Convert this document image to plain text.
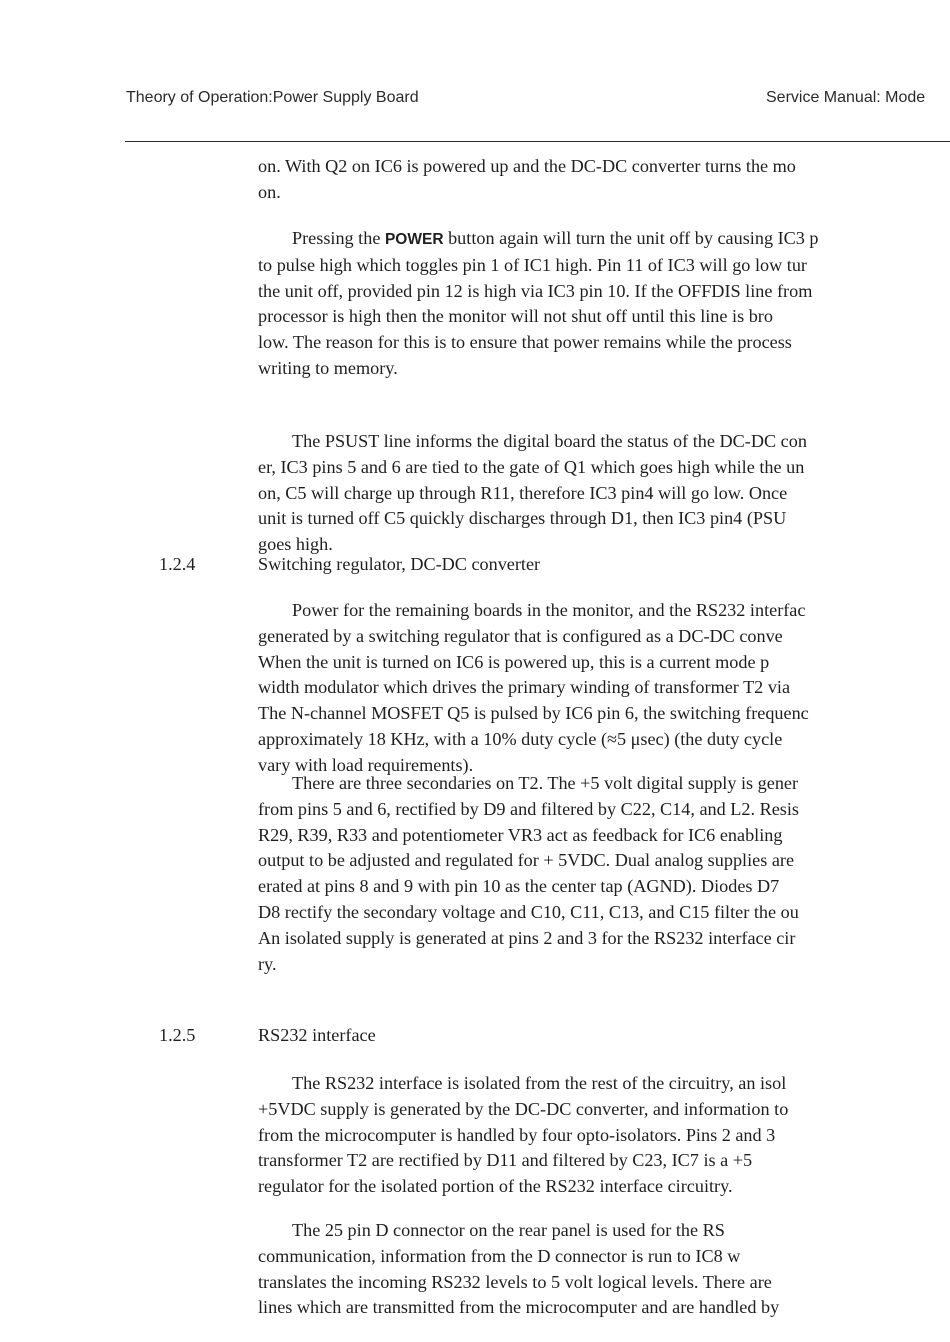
Theory of Operation:Power Supply Board	Service Manual: Mode
on. With Q2 on IC6 is powered up and the DC-DC converter turns the mo
on.
Pressing the POWER button again will turn the unit off by causing IC3 p
to pulse high which toggles pin 1 of IC1 high. Pin 11 of IC3 will go low tur
the unit off, provided pin 12 is high via IC3 pin 10. If the OFFDIS line from
processor is high then the monitor will not shut off until this line is bro
low. The reason for this is to ensure that power remains while the process
writing to memory.
The PSUST line informs the digital board the status of the DC-DC con
er, IC3 pins 5 and 6 are tied to the gate of Q1 which goes high while the un
on, C5 will charge up through R11, therefore IC3 pin4 will go low. Once
unit is turned off C5 quickly discharges through D1, then IC3 pin4 (PSU
goes high.
1.2.4	Switching regulator, DC-DC converter
Power for the remaining boards in the monitor, and the RS232 interfac
generated by a switching regulator that is configured as a DC-DC conve
When the unit is turned on IC6 is powered up, this is a current mode p
width modulator which drives the primary winding of transformer T2 via
The N-channel MOSFET Q5 is pulsed by IC6 pin 6, the switching frequenc
approximately 18 KHz, with a 10% duty cycle (≈5 μsec) (the duty cycle
vary with load requirements).
There are three secondaries on T2. The +5 volt digital supply is gener
from pins 5 and 6, rectified by D9 and filtered by C22, C14, and L2. Resis
R29, R39, R33 and potentiometer VR3 act as feedback for IC6 enabling
output to be adjusted and regulated for + 5VDC. Dual analog supplies are
erated at pins 8 and 9 with pin 10 as the center tap (AGND). Diodes D7
D8 rectify the secondary voltage and C10, C11, C13, and C15 filter the ou
An isolated supply is generated at pins 2 and 3 for the RS232 interface cir
ry.
1.2.5	RS232 interface
The RS232 interface is isolated from the rest of the circuitry, an isol
+5VDC supply is generated by the DC-DC converter, and information to
from the microcomputer is handled by four opto-isolators. Pins 2 and 3
transformer T2 are rectified by D11 and filtered by C23, IC7 is a +5
regulator for the isolated portion of the RS232 interface circuitry.
The 25 pin D connector on the rear panel is used for the RS
communication, information from the D connector is run to IC8 w
translates the incoming RS232 levels to 5 volt logical levels. There are
lines which are transmitted from the microcomputer and are handled by
